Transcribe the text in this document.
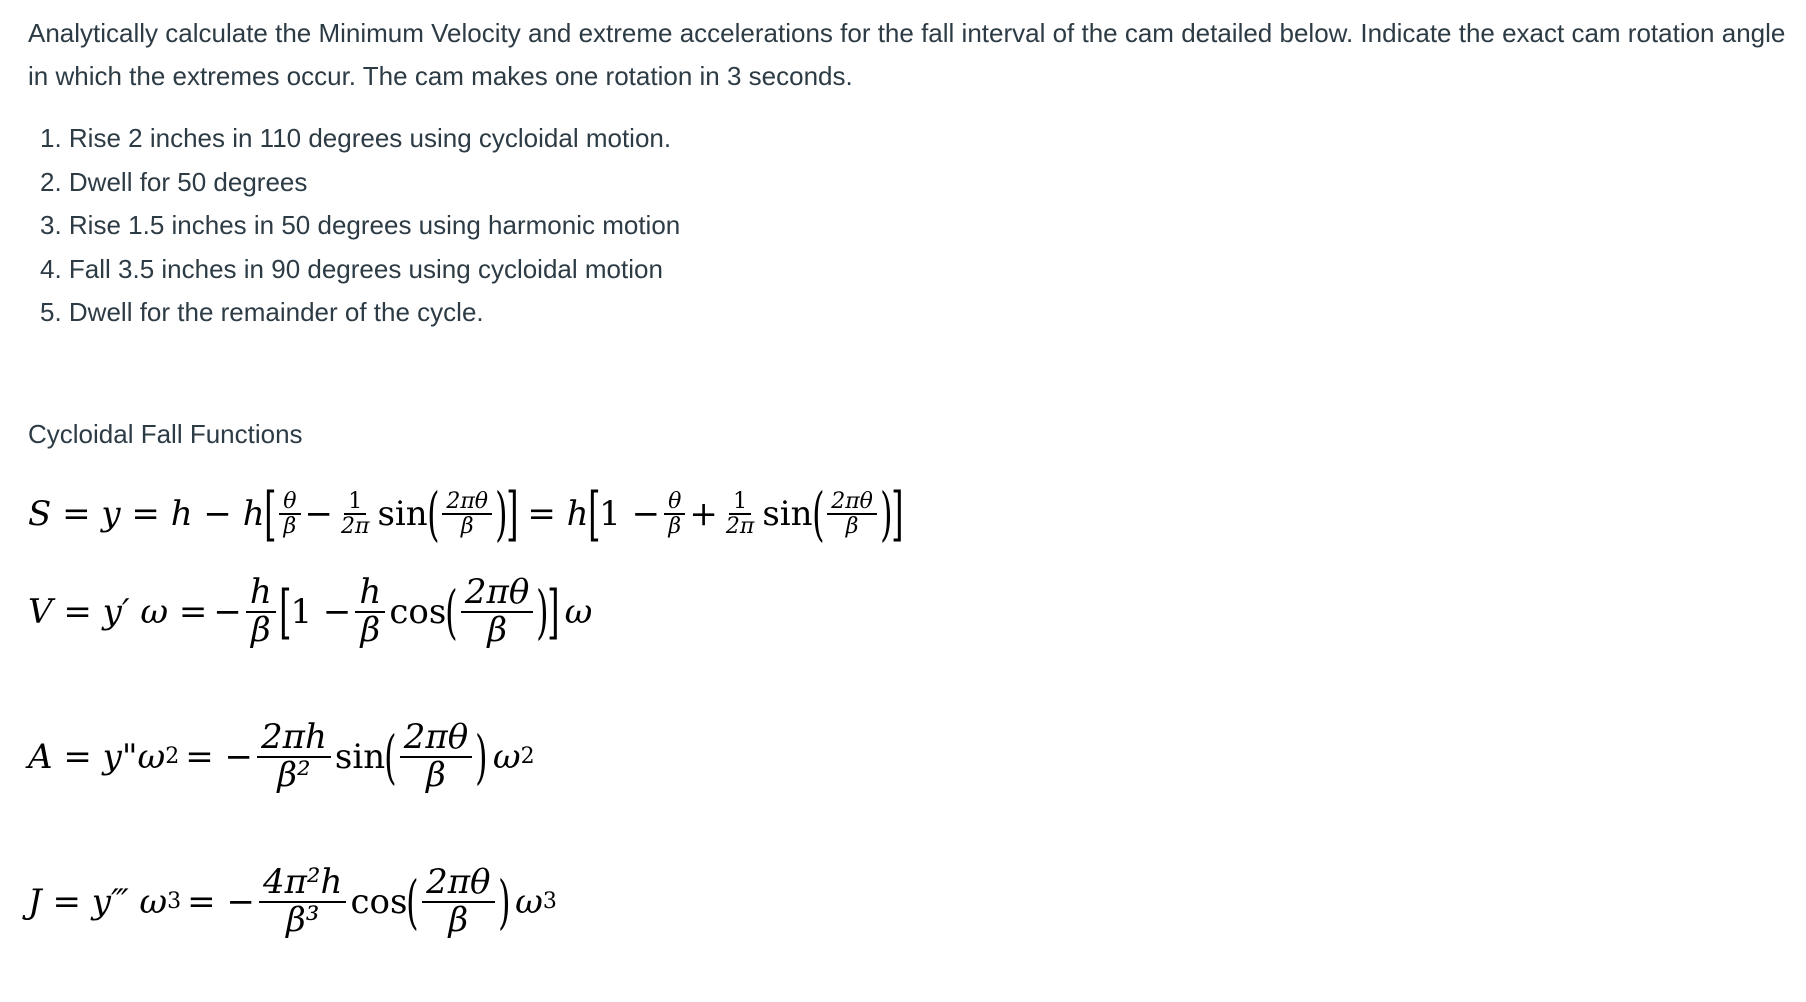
Analytically calculate the Minimum Velocity and extreme accelerations for the fall interval of the cam detailed below. Indicate the exact cam rotation angle in which the extremes occur. The cam makes one rotation in 3 seconds.

1. Rise 2 inches in 110 degrees using cycloidal motion.
2. Dwell for 50 degrees
3. Rise 1.5 inches in 50 degrees using harmonic motion
4. Fall 3.5 inches in 90 degrees using cycloidal motion
5. Dwell for the remainder of the cycle.

Cycloidal Fall Functions

S = y = h − h [ $\frac{\theta}{\beta} - \frac{1}{2\pi}$ sin ( $\frac{2\pi\theta}{\beta}$ )
] = h [ $1 - \frac{\theta}{\beta} + \frac{1}{2\pi}$ sin ( $\frac{2\pi\theta}{\beta}$ )
]
V = y′ ω = − $\frac{h}{\beta}$ [ $1 - \frac{h}{\beta}$ cos ( $\frac{2\pi\theta}{\beta}$ )
] ω
A = y"ω 2 = − $\frac{2\pi h}{\text{β²}}$ sin ( $\frac{2\pi\theta}{\beta}$ ) ω 2
J = y‴ ω 3 = − $\frac{\text{4π²h}}{\text{β³}}$ cos ( $\frac{2\pi\theta}{\beta}$ ) ω 3
